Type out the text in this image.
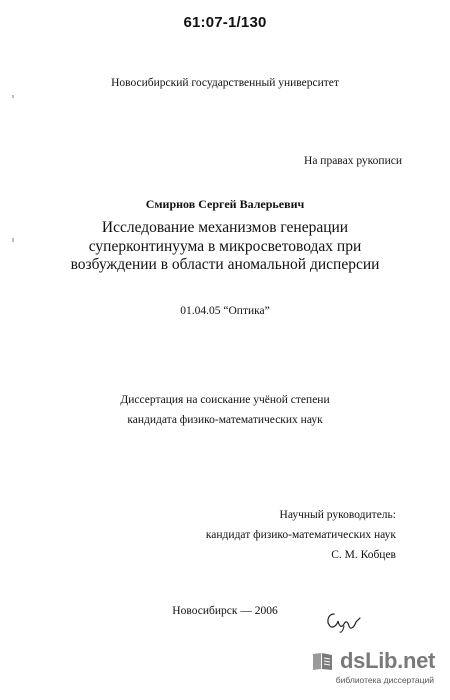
61:07-1/130
Новосибирский государственный университет
На правах рукописи
Смирнов Сергей Валерьевич
Исследование механизмов генерации
суперконтинуума в микросветоводах при
возбуждении в области аномальной дисперсии
01.04.05 “Оптика”
Диссертация на соискание учёной степени
кандидата физико-математических наук
Научный руководитель:
кандидат физико-математических наук
С. М. Кобцев
Новосибирск — 2006
dsLib.net
библиотека диссертаций
